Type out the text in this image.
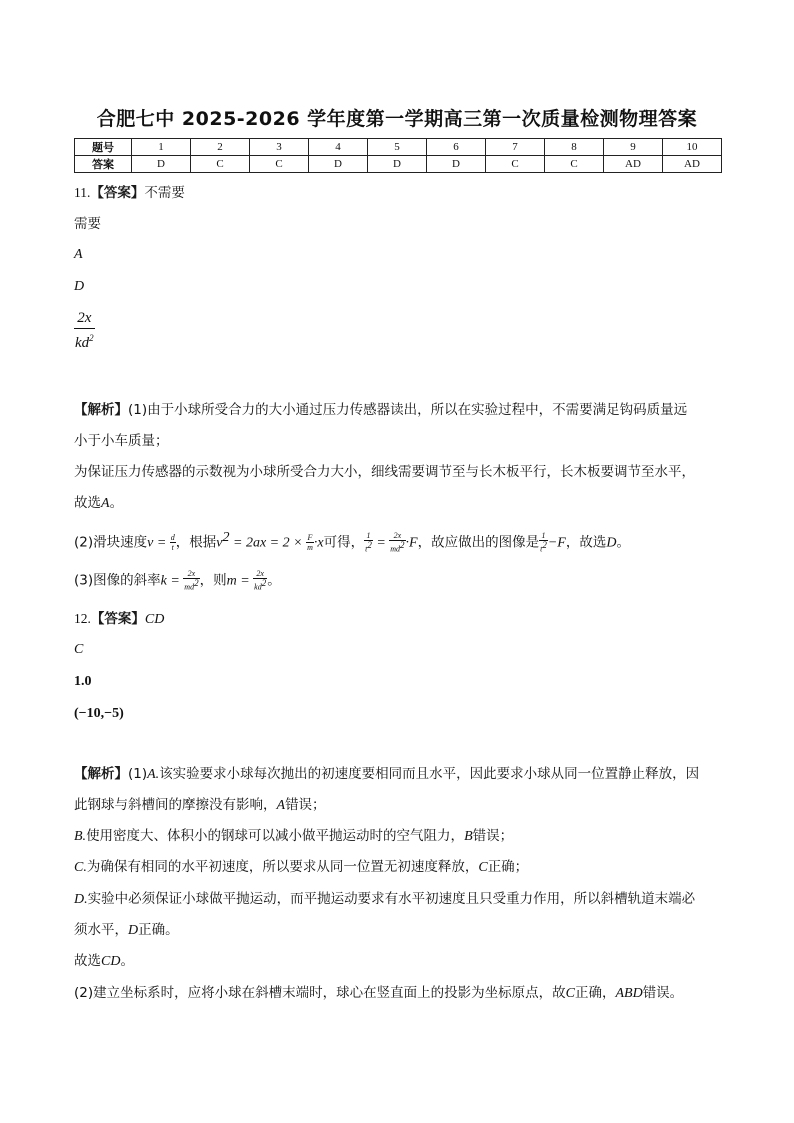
合肥七中 2025-2026 学年度第一学期高三第一次质量检测物理答案
题号	1	2	3	4	5	6	7	8	9	10
答案	D	C	C	D	D	D	C	C	AD	AD
11.【答案】不需要
需要
A
D
$\frac{2x}{kd^2}$
【解析】(1)由于小球所受合力的大小通过压力传感器读出，所以在实验过程中，不需要满足钩码质量远
小于小车质量；
为保证压力传感器的示数视为小球所受合力大小，细线需要调节至与长木板平行，长木板要调节至水平，
故选A。
(2)滑块速度$v = \frac{d}{t}$ ，根据$v^2 = 2ax = 2 \times \frac{F}{m} \cdot x$可得， $\frac{1}{t^2} = \frac{2x}{md^2} \cdot F$，故应做出的图像是 $\frac{1}{t^2} -F$，故选D。
(3)图像的斜率$k = \frac{2x}{md^2}$ ，则$m = \frac{2x}{kd^2}$ 。
12.【答案】CD
C
1.0
(−10,−5)
【解析】(1)A.该实验要求小球每次抛出的初速度要相同而且水平，因此要求小球从同一位置静止释放，因
此钢球与斜槽间的摩擦没有影响，A错误；
B.使用密度大、体积小的钢球可以减小做平抛运动时的空气阻力，B错误；
C.为确保有相同的水平初速度，所以要求从同一位置无初速度释放，C正确；
D.实验中必须保证小球做平抛运动，而平抛运动要求有水平初速度且只受重力作用，所以斜槽轨道末端必
须水平，D正确。
故选CD。
(2)建立坐标系时，应将小球在斜槽末端时，球心在竖直面上的投影为坐标原点，故C正确，ABD错误。
